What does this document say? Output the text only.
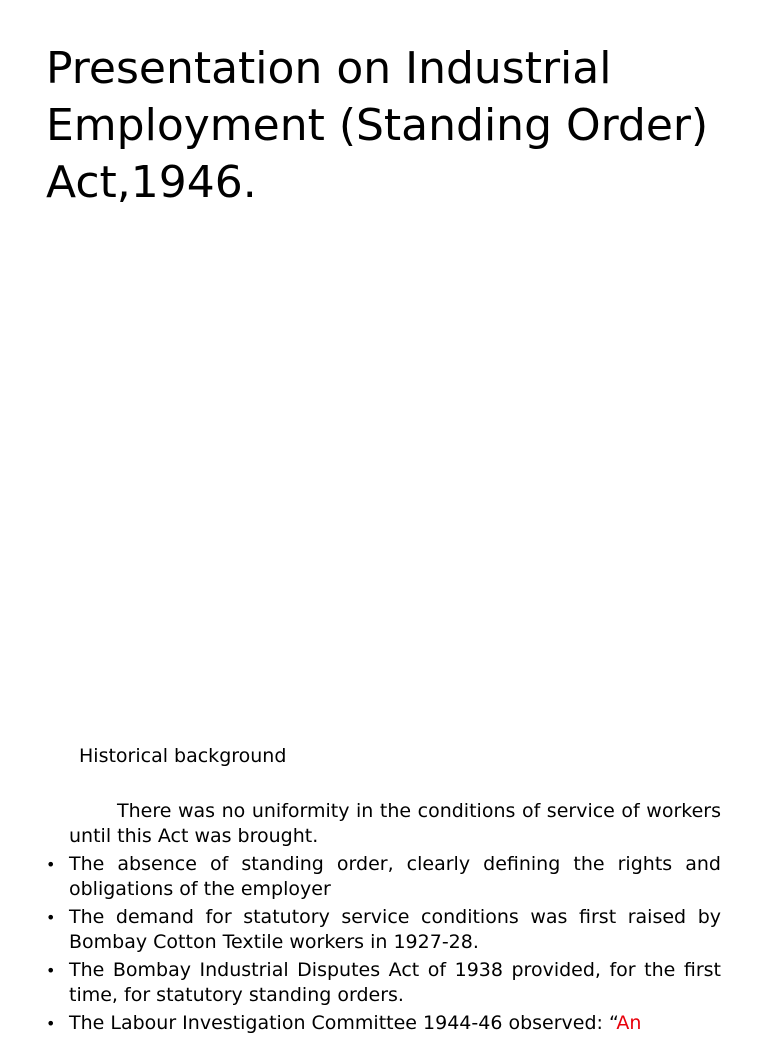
Presentation on Industrial Employment (Standing Order) Act,1946.

Historical background

There was no uniformity in the conditions of service of workers until this Act was brought.

• The absence of standing order, clearly defining the rights and obligations of the employer
• The demand for statutory service conditions was first raised by Bombay Cotton Textile workers in 1927-28.
• The Bombay Industrial Disputes Act of 1938 provided, for the first time, for statutory standing orders.
• The Labour Investigation Committee 1944-46 observed: “An
